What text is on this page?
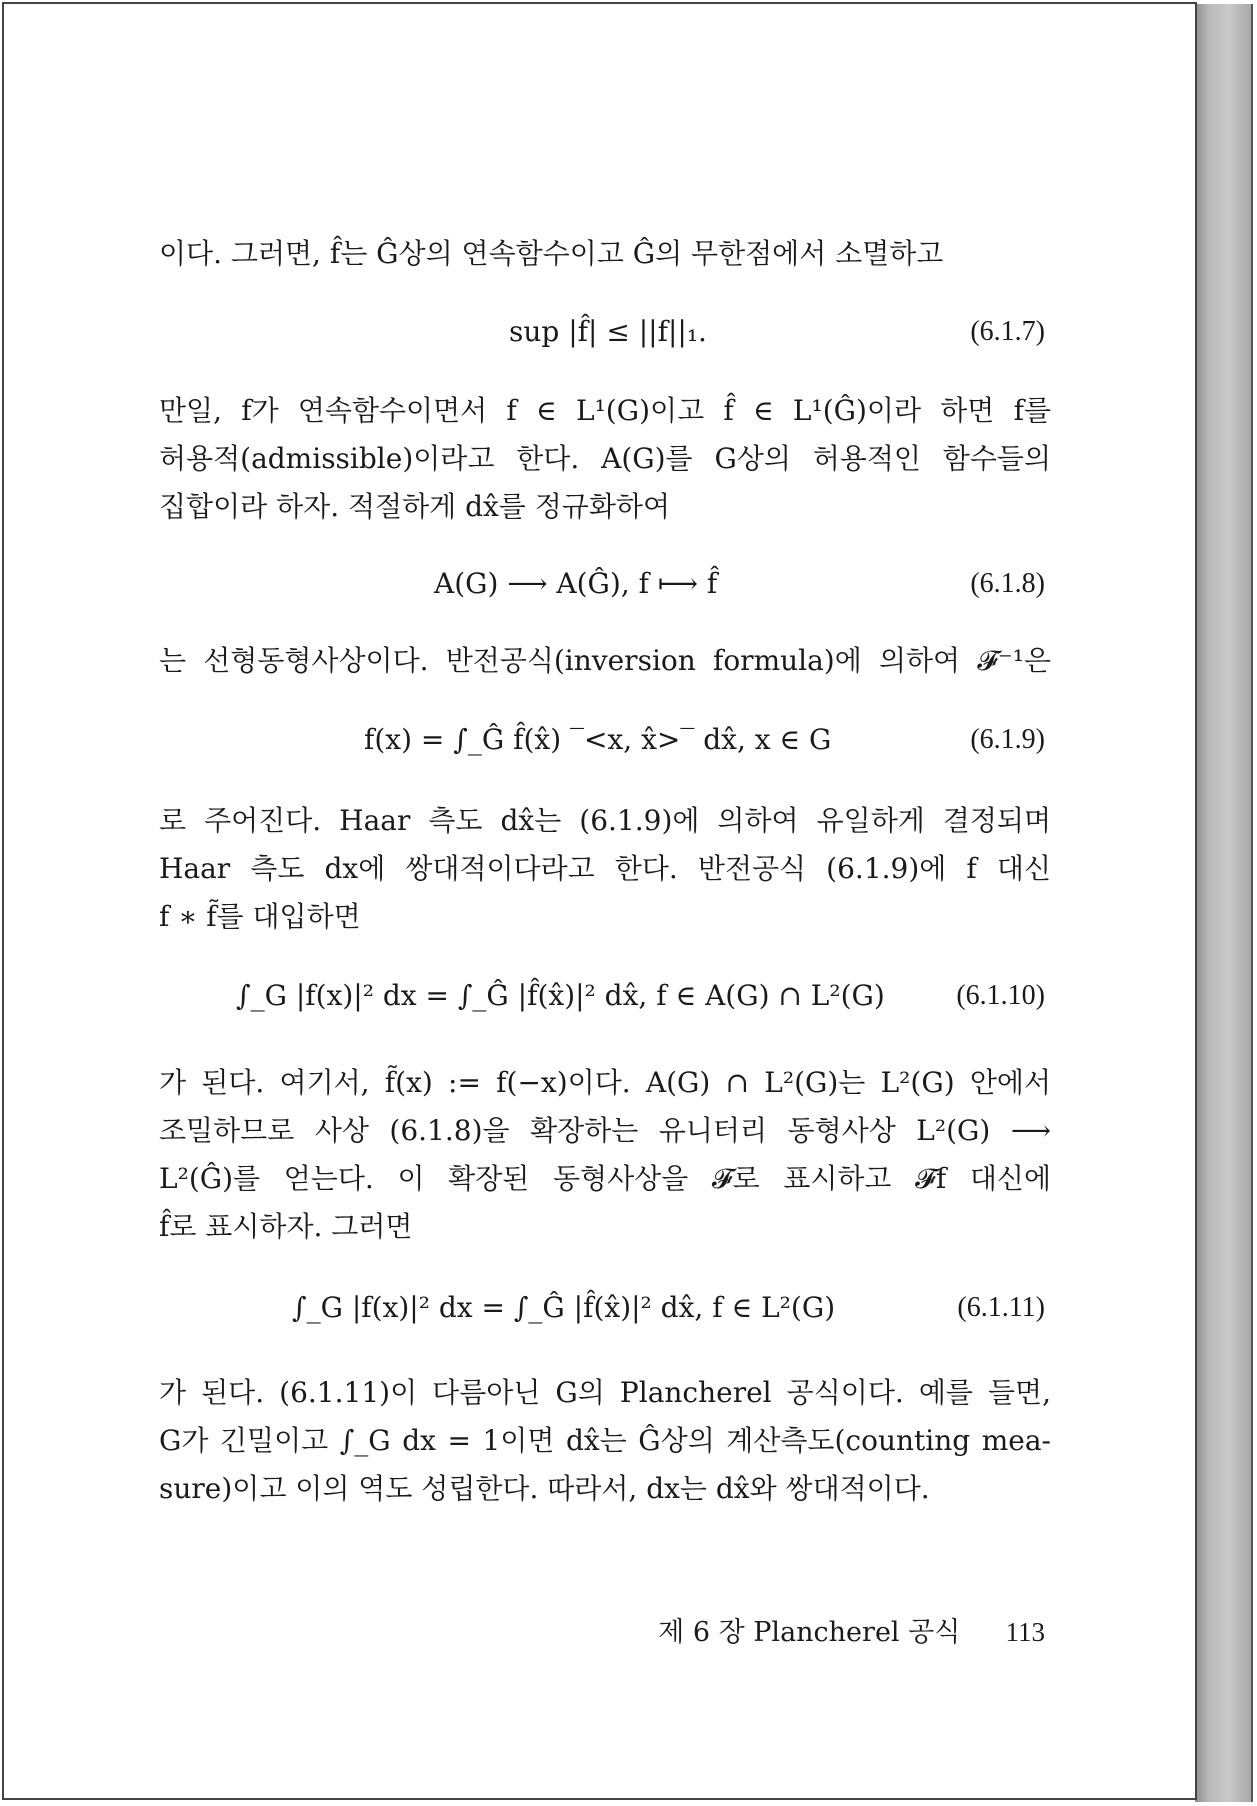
이다. 그러면, f̂는 Ĝ상의 연속함수이고 Ĝ의 무한점에서 소멸하고
sup |f̂| ≤ ||f||₁.	(6.1.7)
만일, f가 연속함수이면서 f ∈ L¹(G)이고 f̂ ∈ L¹(Ĝ)이라 하면 f를
허용적(admissible)이라고 한다. A(G)를 G상의 허용적인 함수들의
집합이라 하자. 적절하게 dx̂를 정규화하여
A(G) ⟶ A(Ĝ), f ⟼ f̂	(6.1.8)
는 선형동형사상이다. 반전공식(inversion formula)에 의하여 𝓕⁻¹은
f(x) = ∫_Ĝ f̂(x̂) ‾<x, x̂>‾ dx̂, x ∈ G	(6.1.9)
로 주어진다. Haar 측도 dx̂는 (6.1.9)에 의하여 유일하게 결정되며
Haar 측도 dx에 쌍대적이다라고 한다. 반전공식 (6.1.9)에 f 대신
f ∗ f̃를 대입하면
∫_G |f(x)|² dx = ∫_Ĝ |f̂(x̂)|² dx̂, f ∈ A(G) ∩ L²(G)	(6.1.10)
가 된다. 여기서, f̃(x) := f(−x)이다. A(G) ∩ L²(G)는 L²(G) 안에서
조밀하므로 사상 (6.1.8)을 확장하는 유니터리 동형사상 L²(G) ⟶
L²(Ĝ)를 얻는다. 이 확장된 동형사상을 𝓕로 표시하고 𝓕f 대신에
f̂로 표시하자. 그러면
∫_G |f(x)|² dx = ∫_Ĝ |f̂(x̂)|² dx̂, f ∈ L²(G)	(6.1.11)
가 된다. (6.1.11)이 다름아닌 G의 Plancherel 공식이다. 예를 들면,
G가 긴밀이고 ∫_G dx = 1이면 dx̂는 Ĝ상의 계산측도(counting mea-
sure)이고 이의 역도 성립한다. 따라서, dx는 dx̂와 쌍대적이다.
제 6 장 Plancherel 공식 113
